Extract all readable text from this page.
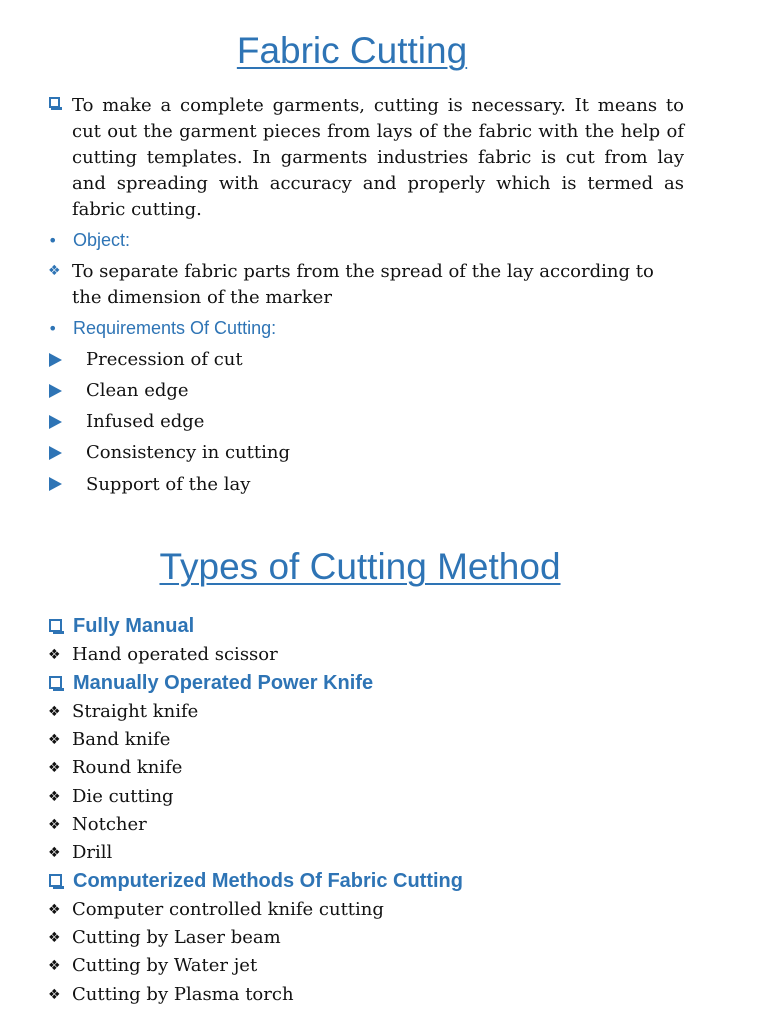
Fabric Cutting

To make a complete garments, cutting is necessary. It means to cut out the garment pieces from lays of the fabric with the help of cutting templates. In garments industries fabric is cut from lay and spreading with accuracy and properly which is termed as fabric cutting.

• Object:
❖ To separate fabric parts from the spread of the lay according to
the dimension of the marker
• Requirements Of Cutting:
Precession of cut
Clean edge
Infused edge
Consistency in cutting
Support of the lay
Types of Cutting Method
Fully Manual
❖ Hand operated scissor
Manually Operated Power Knife
❖ Straight knife
❖ Band knife
❖ Round knife
❖ Die cutting
❖ Notcher
❖ Drill
Computerized Methods Of Fabric Cutting
❖ Computer controlled knife cutting
❖ Cutting by Laser beam
❖ Cutting by Water jet
❖ Cutting by Plasma torch
